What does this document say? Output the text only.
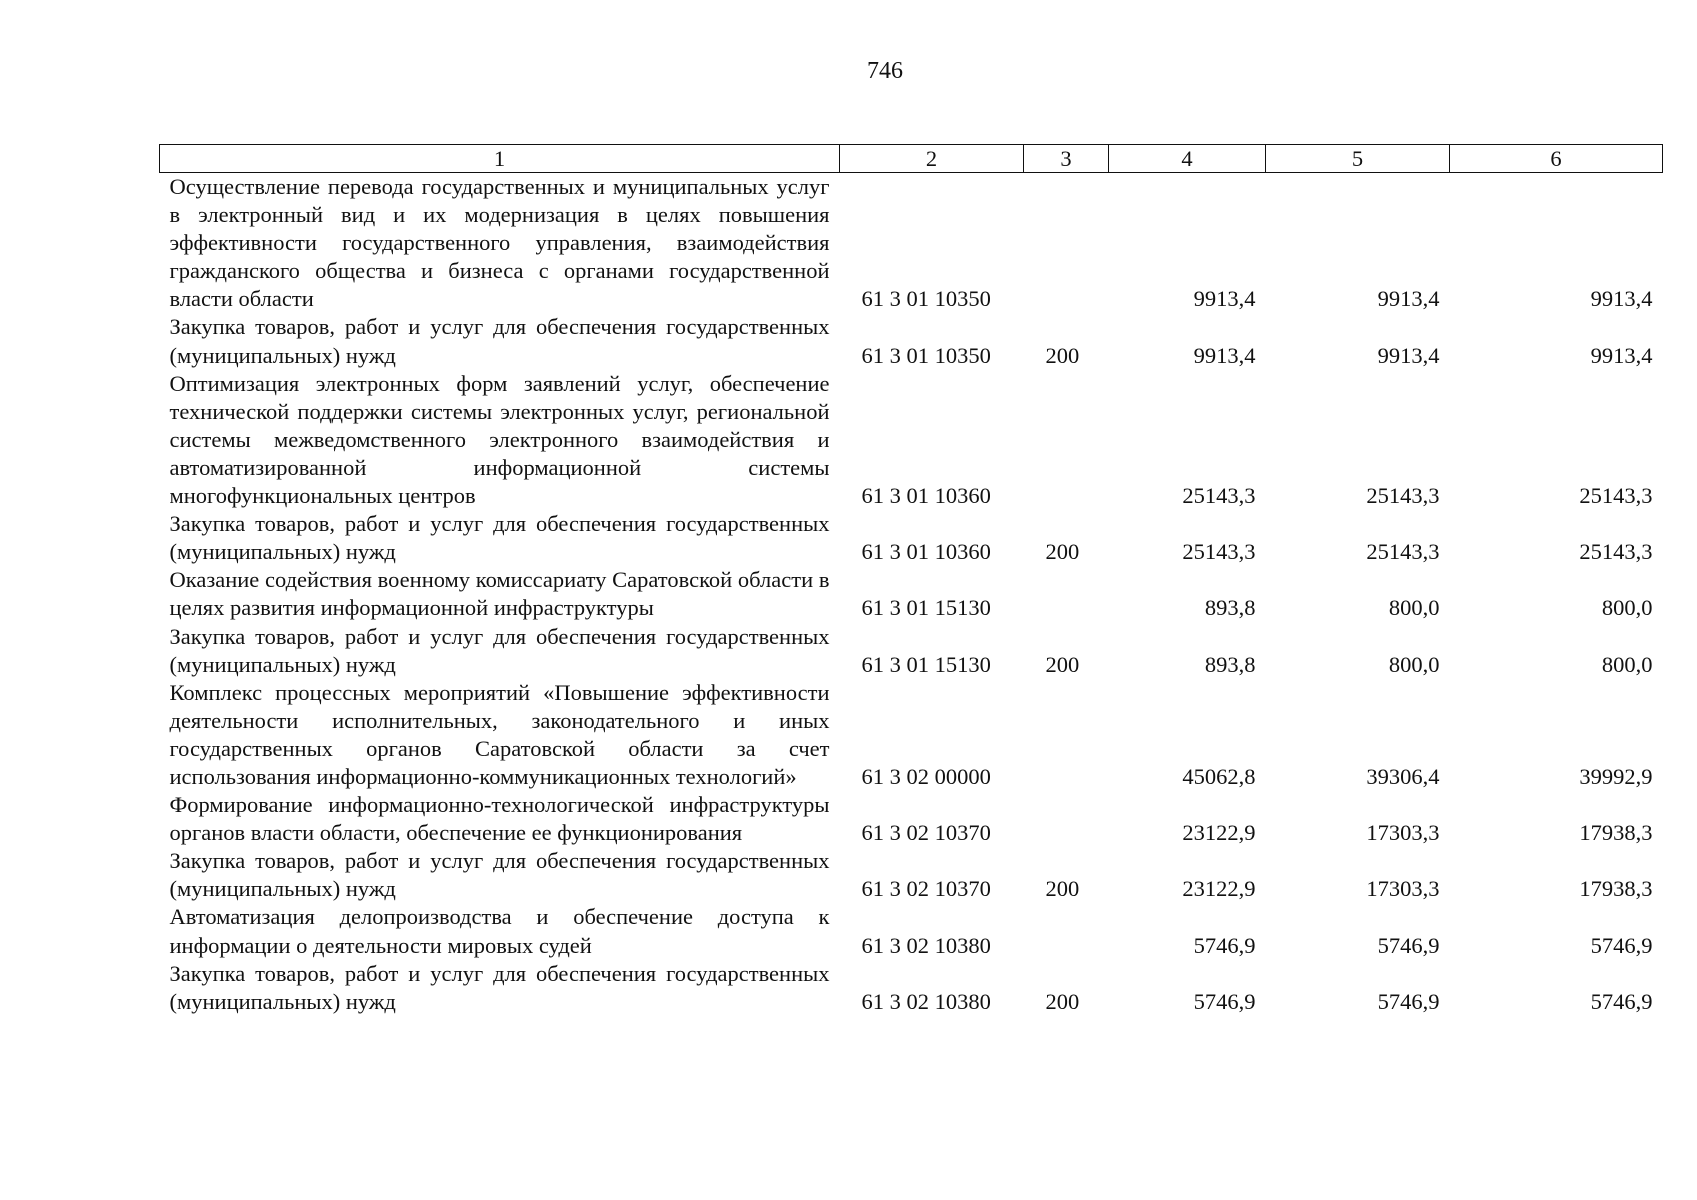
746
1	2	3	4	5	6
Осуществление перевода государственных и муниципальных услуг в электронный вид и их модернизация в целях повышения эффективности государственного управления, взаимодействия гражданского общества и бизнеса с органами государственной власти области	61 3 01 10350		9913,4	9913,4	9913,4
Закупка товаров, работ и услуг для обеспечения государственных (муниципальных) нужд	61 3 01 10350	200	9913,4	9913,4	9913,4
Оптимизация электронных форм заявлений услуг, обеспечение технической поддержки системы электронных услуг, региональной системы межведомственного электронного взаимодействия и автоматизированной информационной системы многофункциональных центров	61 3 01 10360		25143,3	25143,3	25143,3
Закупка товаров, работ и услуг для обеспечения государственных (муниципальных) нужд	61 3 01 10360	200	25143,3	25143,3	25143,3
Оказание содействия военному комиссариату Саратовской области в целях развития информационной инфраструктуры	61 3 01 15130		893,8	800,0	800,0
Закупка товаров, работ и услуг для обеспечения государственных (муниципальных) нужд	61 3 01 15130	200	893,8	800,0	800,0
Комплекс процессных мероприятий «Повышение эффективности деятельности исполнительных, законодательного и иных государственных органов Саратовской области за счет использования информационно-коммуникационных технологий»	61 3 02 00000		45062,8	39306,4	39992,9
Формирование информационно-технологической инфраструктуры органов власти области, обеспечение ее функционирования	61 3 02 10370		23122,9	17303,3	17938,3
Закупка товаров, работ и услуг для обеспечения государственных (муниципальных) нужд	61 3 02 10370	200	23122,9	17303,3	17938,3
Автоматизация делопроизводства и обеспечение доступа к информации о деятельности мировых судей	61 3 02 10380		5746,9	5746,9	5746,9
Закупка товаров, работ и услуг для обеспечения государственных (муниципальных) нужд	61 3 02 10380	200	5746,9	5746,9	5746,9
